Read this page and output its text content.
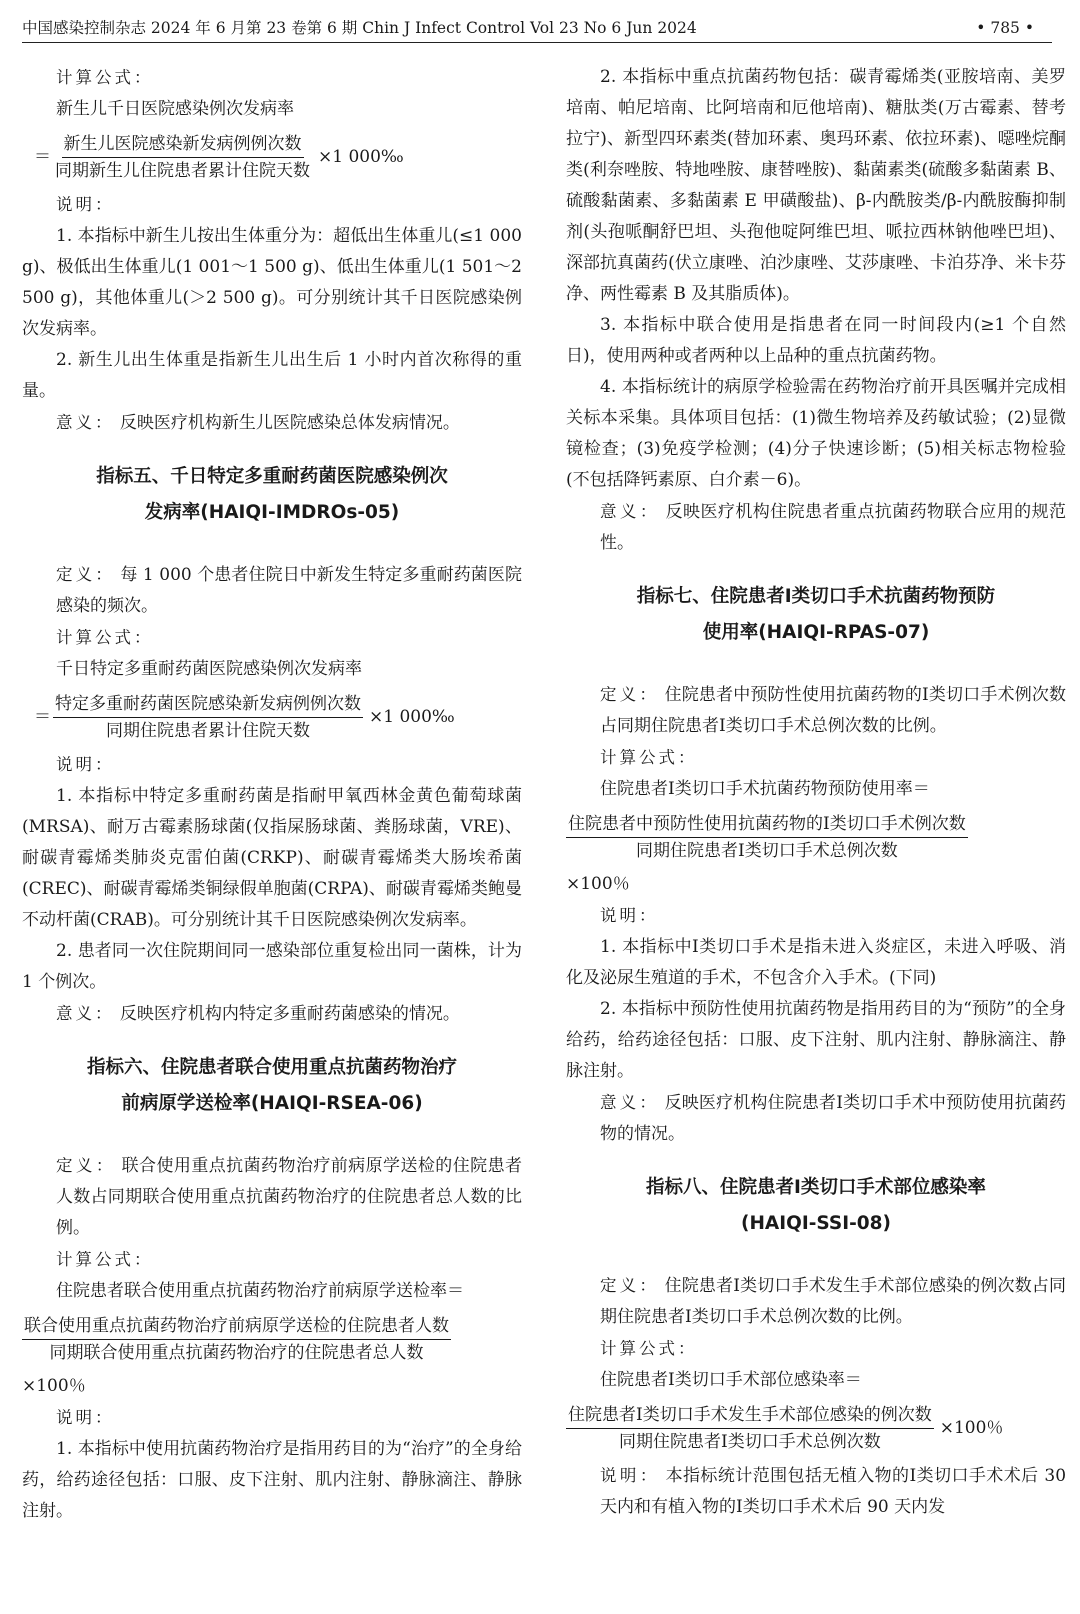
中国感染控制杂志 2024 年 6 月第 23 卷第 6 期 Chin J Infect Control Vol 23 No 6 Jun 2024	• 785 •

计算公式：

新生儿千日医院感染例次发病率

＝ $\frac{\text{新生儿医院感染新发病例例次数}}{\text{同期新生儿住院患者累计住院天数}} \times 1$ 000‰

说明：

1. 本指标中新生儿按出生体重分为：超低出生体重儿(≤1 000 g)、极低出生体重儿(1 001～1 500 g)、低出生体重儿(1 501～2 500 g)，其他体重儿(＞2 500 g)。可分别统计其千日医院感染例次发病率。

2. 新生儿出生体重是指新生儿出生后 1 小时内首次称得的重量。

意义： 反映医疗机构新生儿医院感染总体发病情况。

指标五、千日特定多重耐药菌医院感染例次
发病率(HAIQI-IMDROs-05)

定义： 每 1 000 个患者住院日中新发生特定多重耐药菌医院感染的频次。

计算公式：

千日特定多重耐药菌医院感染例次发病率

＝ $\frac{\text{特定多重耐药菌医院感染新发病例例次数}}{\text{同期住院患者累计住院天数}} \times 1$ 000‰

说明：

1. 本指标中特定多重耐药菌是指耐甲氧西林金黄色葡萄球菌(MRSA)、耐万古霉素肠球菌(仅指屎肠球菌、粪肠球菌，VRE)、耐碳青霉烯类肺炎克雷伯菌(CRKP)、耐碳青霉烯类大肠埃希菌(CREC)、耐碳青霉烯类铜绿假单胞菌(CRPA)、耐碳青霉烯类鲍曼不动杆菌(CRAB)。可分别统计其千日医院感染例次发病率。

2. 患者同一次住院期间同一感染部位重复检出同一菌株，计为 1 个例次。

意义： 反映医疗机构内特定多重耐药菌感染的情况。

指标六、住院患者联合使用重点抗菌药物治疗
前病原学送检率(HAIQI-RSEA-06)

定义： 联合使用重点抗菌药物治疗前病原学送检的住院患者人数占同期联合使用重点抗菌药物治疗的住院患者总人数的比例。

计算公式：

住院患者联合使用重点抗菌药物治疗前病原学送检率＝

$\frac{\text{联合使用重点抗菌药物治疗前病原学送检的住院患者人数}}{\text{同期联合使用重点抗菌药物治疗的住院患者总人数}}$

×100％

说明：

1. 本指标中使用抗菌药物治疗是指用药目的为“治疗”的全身给药，给药途径包括：口服、皮下注射、肌内注射、静脉滴注、静脉注射。

2. 本指标中重点抗菌药物包括：碳青霉烯类(亚胺培南、美罗培南、帕尼培南、比阿培南和厄他培南)、糖肽类(万古霉素、替考拉宁)、新型四环素类(替加环素、奥玛环素、依拉环素)、噁唑烷酮类(利奈唑胺、特地唑胺、康替唑胺)、黏菌素类(硫酸多黏菌素 B、硫酸黏菌素、多黏菌素 E 甲磺酸盐)、β-内酰胺类/β-内酰胺酶抑制剂(头孢哌酮舒巴坦、头孢他啶阿维巴坦、哌拉西林钠他唑巴坦)、深部抗真菌药(伏立康唑、泊沙康唑、艾莎康唑、卡泊芬净、米卡芬净、两性霉素 B 及其脂质体)。

3. 本指标中联合使用是指患者在同一时间段内(≥1 个自然日)，使用两种或者两种以上品种的重点抗菌药物。

4. 本指标统计的病原学检验需在药物治疗前开具医嘱并完成相关标本采集。具体项目包括：(1)微生物培养及药敏试验；(2)显微镜检查；(3)免疫学检测；(4)分子快速诊断；(5)相关标志物检验(不包括降钙素原、白介素－6)。

意义： 反映医疗机构住院患者重点抗菌药物联合应用的规范性。

指标七、住院患者Ⅰ类切口手术抗菌药物预防
使用率(HAIQI-RPAS-07)

定义： 住院患者中预防性使用抗菌药物的Ⅰ类切口手术例次数占同期住院患者Ⅰ类切口手术总例次数的比例。

计算公式：

住院患者Ⅰ类切口手术抗菌药物预防使用率＝

$\frac{\text{住院患者中预防性使用抗菌药物的Ⅰ类切口手术例次数}}{\text{同期住院患者Ⅰ类切口手术总例次数}}$

×100％

说明：

1. 本指标中Ⅰ类切口手术是指未进入炎症区，未进入呼吸、消化及泌尿生殖道的手术，不包含介入手术。(下同)

2. 本指标中预防性使用抗菌药物是指用药目的为“预防”的全身给药，给药途径包括：口服、皮下注射、肌内注射、静脉滴注、静脉注射。

意义： 反映医疗机构住院患者Ⅰ类切口手术中预防使用抗菌药物的情况。

指标八、住院患者Ⅰ类切口手术部位感染率
(HAIQI-SSI-08)

定义： 住院患者Ⅰ类切口手术发生手术部位感染的例次数占同期住院患者Ⅰ类切口手术总例次数的比例。

计算公式：

住院患者Ⅰ类切口手术部位感染率＝

$\frac{\text{住院患者Ⅰ类切口手术发生手术部位感染的例次数}}{\text{同期住院患者Ⅰ类切口手术总例次数}} \times 100$％

说明： 本指标统计范围包括无植入物的Ⅰ类切口手术术后 30 天内和有植入物的Ⅰ类切口手术术后 90 天内发
